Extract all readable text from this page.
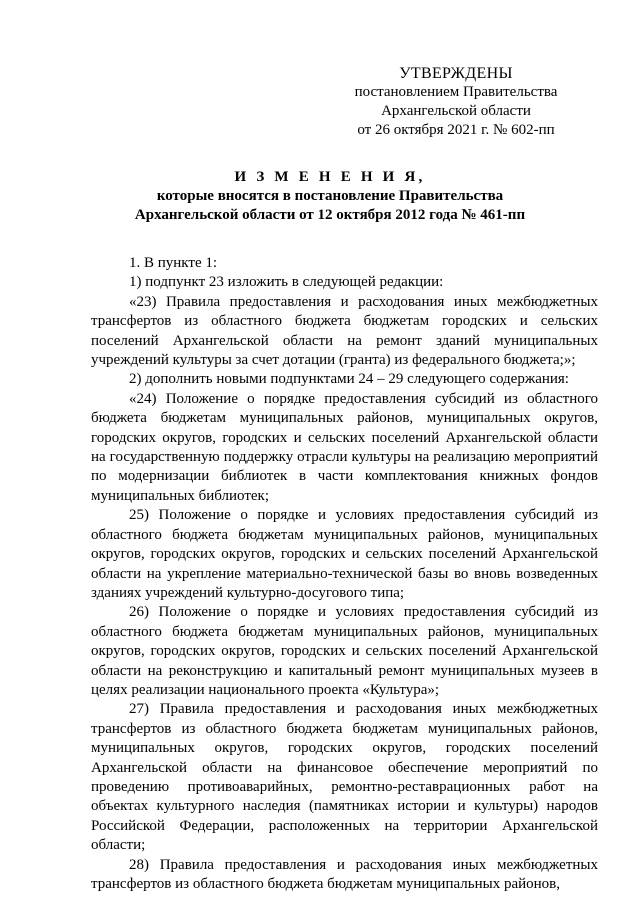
УТВЕРЖДЕНЫ
постановлением Правительства
Архангельской области
от 26 октября 2021 г. № 602-пп
И З М Е Н Е Н И Я,
которые вносятся в постановление Правительства
Архангельской области от 12 октября 2012 года № 461-пп

1. В пункте 1:

1) подпункт 23 изложить в следующей редакции:

«23) Правила предоставления и расходования иных межбюджетных трансфертов из областного бюджета бюджетам городских и сельских поселений Архангельской области на ремонт зданий муниципальных учреждений культуры за счет дотации (гранта) из федерального бюджета;»;

2) дополнить новыми подпунктами 24 – 29 следующего содержания:

«24) Положение о порядке предоставления субсидий из областного бюджета бюджетам муниципальных районов, муниципальных округов, городских округов, городских и сельских поселений Архангельской области на государственную поддержку отрасли культуры на реализацию мероприятий по модернизации библиотек в части комплектования книжных фондов муниципальных библиотек;

25) Положение о порядке и условиях предоставления субсидий из областного бюджета бюджетам муниципальных районов, муниципальных округов, городских округов, городских и сельских поселений Архангельской области на укрепление материально-технической базы во вновь возведенных зданиях учреждений культурно-досугового типа;

26) Положение о порядке и условиях предоставления субсидий из областного бюджета бюджетам муниципальных районов, муниципальных округов, городских округов, городских и сельских поселений Архангельской области на реконструкцию и капитальный ремонт муниципальных музеев в целях реализации национального проекта «Культура»;

27) Правила предоставления и расходования иных межбюджетных трансфертов из областного бюджета бюджетам муниципальных районов, муниципальных округов, городских округов, городских поселений Архангельской области на финансовое обеспечение мероприятий по проведению противоаварийных, ремонтно-реставрационных работ на объектах культурного наследия (памятниках истории и культуры) народов Российской Федерации, расположенных на территории Архангельской области;

28) Правила предоставления и расходования иных межбюджетных трансфертов из областного бюджета бюджетам муниципальных районов,
